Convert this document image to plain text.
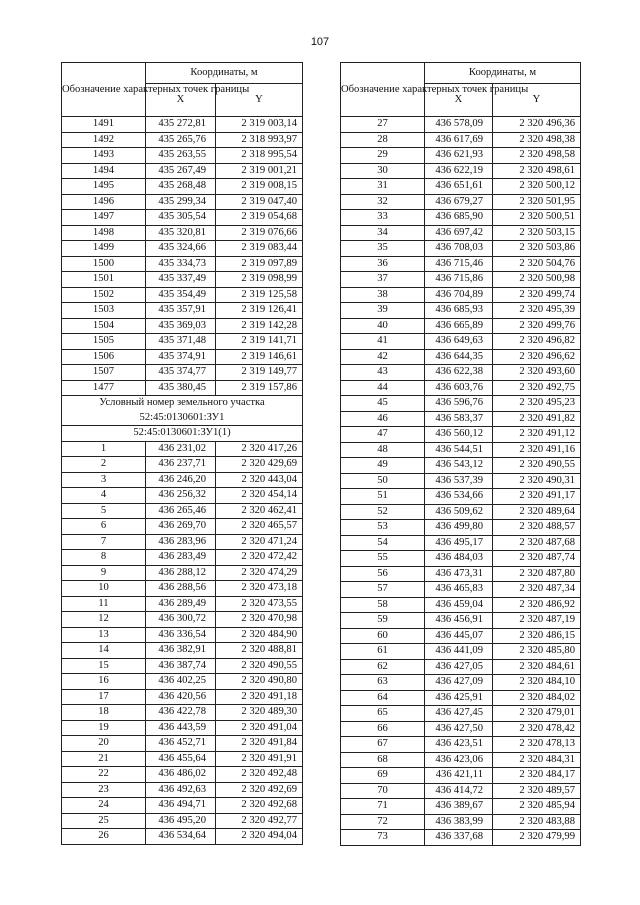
107
Обозначение характерных точек границы	Координаты, м	
	X	Y
1491	435 272,81	2 319 003,14
1492	435 265,76	2 318 993,97
1493	435 263,55	2 318 995,54
1494	435 267,49	2 319 001,21
1495	435 268,48	2 319 008,15
1496	435 299,34	2 319 047,40
1497	435 305,54	2 319 054,68
1498	435 320,81	2 319 076,66
1499	435 324,66	2 319 083,44
1500	435 334,73	2 319 097,89
1501	435 337,49	2 319 098,99
1502	435 354,49	2 319 125,58
1503	435 357,91	2 319 126,41
1504	435 369,03	2 319 142,28
1505	435 371,48	2 319 141,71
1506	435 374,91	2 319 146,61
1507	435 374,77	2 319 149,77
1477	435 380,45	2 319 157,86
Условный номер земельного участка		
52:45:0130601:ЗУ1		
52:45:0130601:ЗУ1(1)		
1	436 231,02	2 320 417,26
2	436 237,71	2 320 429,69
3	436 246,20	2 320 443,04
4	436 256,32	2 320 454,14
5	436 265,46	2 320 462,41
6	436 269,70	2 320 465,57
7	436 283,96	2 320 471,24
8	436 283,49	2 320 472,42
9	436 288,12	2 320 474,29
10	436 288,56	2 320 473,18
11	436 289,49	2 320 473,55
12	436 300,72	2 320 470,98
13	436 336,54	2 320 484,90
14	436 382,91	2 320 488,81
15	436 387,74	2 320 490,55
16	436 402,25	2 320 490,80
17	436 420,56	2 320 491,18
18	436 422,78	2 320 489,30
19	436 443,59	2 320 491,04
20	436 452,71	2 320 491,84
21	436 455,64	2 320 491,91
22	436 486,02	2 320 492,48
23	436 492,63	2 320 492,69
24	436 494,71	2 320 492,68
25	436 495,20	2 320 492,77
26	436 534,64	2 320 494,04
Обозначение характерных точек границы	Координаты, м	
	X	Y
27	436 578,09	2 320 496,36
28	436 617,69	2 320 498,38
29	436 621,93	2 320 498,58
30	436 622,19	2 320 498,61
31	436 651,61	2 320 500,12
32	436 679,27	2 320 501,95
33	436 685,90	2 320 500,51
34	436 697,42	2 320 503,15
35	436 708,03	2 320 503,86
36	436 715,46	2 320 504,76
37	436 715,86	2 320 500,98
38	436 704,89	2 320 499,74
39	436 685,93	2 320 495,39
40	436 665,89	2 320 499,76
41	436 649,63	2 320 496,82
42	436 644,35	2 320 496,62
43	436 622,38	2 320 493,60
44	436 603,76	2 320 492,75
45	436 596,76	2 320 495,23
46	436 583,37	2 320 491,82
47	436 560,12	2 320 491,12
48	436 544,51	2 320 491,16
49	436 543,12	2 320 490,55
50	436 537,39	2 320 490,31
51	436 534,66	2 320 491,17
52	436 509,62	2 320 489,64
53	436 499,80	2 320 488,57
54	436 495,17	2 320 487,68
55	436 484,03	2 320 487,74
56	436 473,31	2 320 487,80
57	436 465,83	2 320 487,34
58	436 459,04	2 320 486,92
59	436 456,91	2 320 487,19
60	436 445,07	2 320 486,15
61	436 441,09	2 320 485,80
62	436 427,05	2 320 484,61
63	436 427,09	2 320 484,10
64	436 425,91	2 320 484,02
65	436 427,45	2 320 479,01
66	436 427,50	2 320 478,42
67	436 423,51	2 320 478,13
68	436 423,06	2 320 484,31
69	436 421,11	2 320 484,17
70	436 414,72	2 320 489,57
71	436 389,67	2 320 485,94
72	436 383,99	2 320 483,88
73	436 337,68	2 320 479,99
